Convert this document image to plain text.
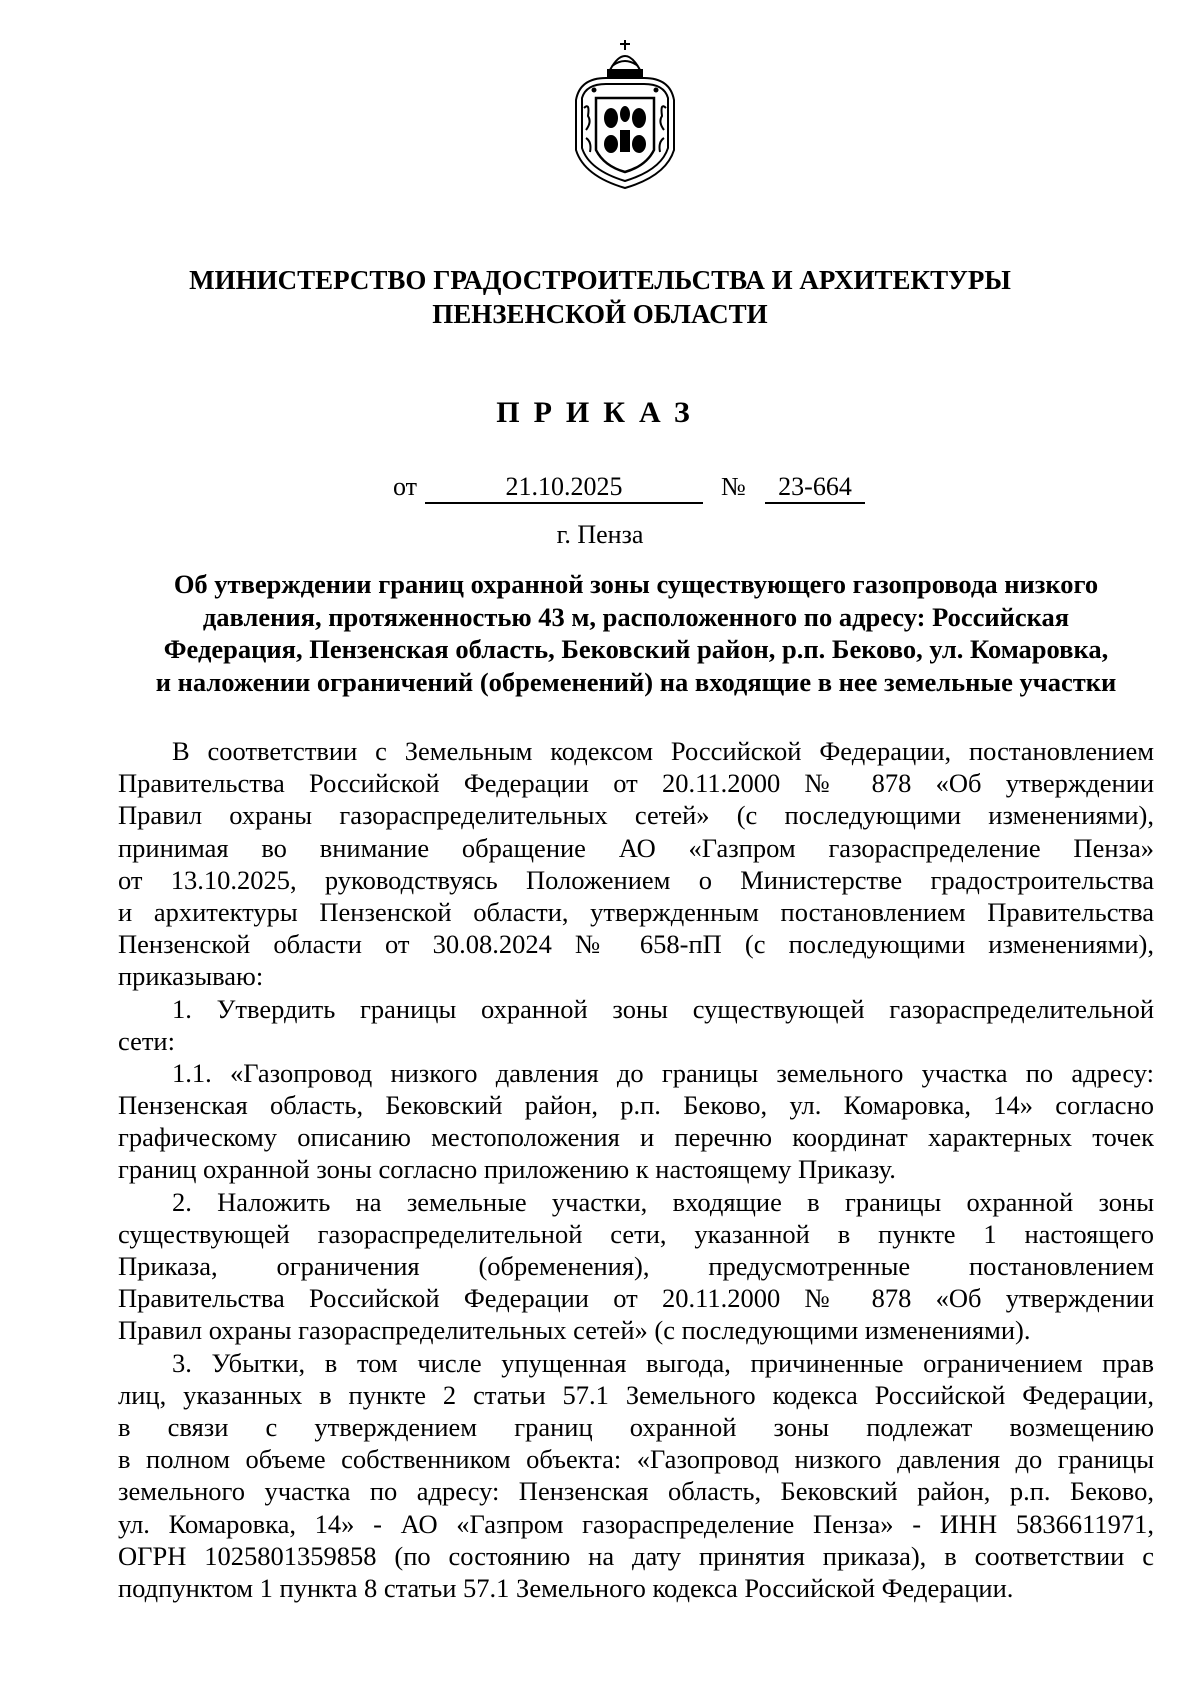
МИНИСТЕРСТВО ГРАДОСТРОИТЕЛЬСТВА И АРХИТЕКТУРЫ
ПЕНЗЕНСКОЙ ОБЛАСТИ
ПРИКАЗ
от	21.10.2025	№	23-664
г. Пенза
Об утверждении границ охранной зоны существующего газопровода низкого
давления, протяженностью 43 м, расположенного по адресу: Российская
Федерация, Пензенская область, Бековский район, р.п. Беково, ул. Комаровка,
и наложении ограничений (обременений) на входящие в нее земельные участки
В соответствии с Земельным кодексом Российской Федерации, постановлением
Правительства Российской Федерации от 20.11.2000 № 878 «Об утверждении
Правил охраны газораспределительных сетей» (с последующими изменениями),
принимая во внимание обращение АО «Газпром газораспределение Пенза»
от 13.10.2025, руководствуясь Положением о Министерстве градостроительства
и архитектуры Пензенской области, утвержденным постановлением Правительства
Пензенской области от 30.08.2024 № 658-пП (с последующими изменениями),
приказываю:
1. Утвердить границы охранной зоны существующей газораспределительной
сети:
1.1. «Газопровод низкого давления до границы земельного участка по адресу:
Пензенская область, Бековский район, р.п. Беково, ул. Комаровка, 14» согласно
графическому описанию местоположения и перечню координат характерных точек
границ охранной зоны согласно приложению к настоящему Приказу.
2. Наложить на земельные участки, входящие в границы охранной зоны
существующей газораспределительной сети, указанной в пункте 1 настоящего
Приказа, ограничения (обременения), предусмотренные постановлением
Правительства Российской Федерации от 20.11.2000 № 878 «Об утверждении
Правил охраны газораспределительных сетей» (с последующими изменениями).
3. Убытки, в том числе упущенная выгода, причиненные ограничением прав
лиц, указанных в пункте 2 статьи 57.1 Земельного кодекса Российской Федерации,
в связи с утверждением границ охранной зоны подлежат возмещению
в полном объеме собственником объекта: «Газопровод низкого давления до границы
земельного участка по адресу: Пензенская область, Бековский район, р.п. Беково,
ул. Комаровка, 14» - АО «Газпром газораспределение Пенза» - ИНН 5836611971,
ОГРН 1025801359858 (по состоянию на дату принятия приказа), в соответствии с
подпунктом 1 пункта 8 статьи 57.1 Земельного кодекса Российской Федерации.
